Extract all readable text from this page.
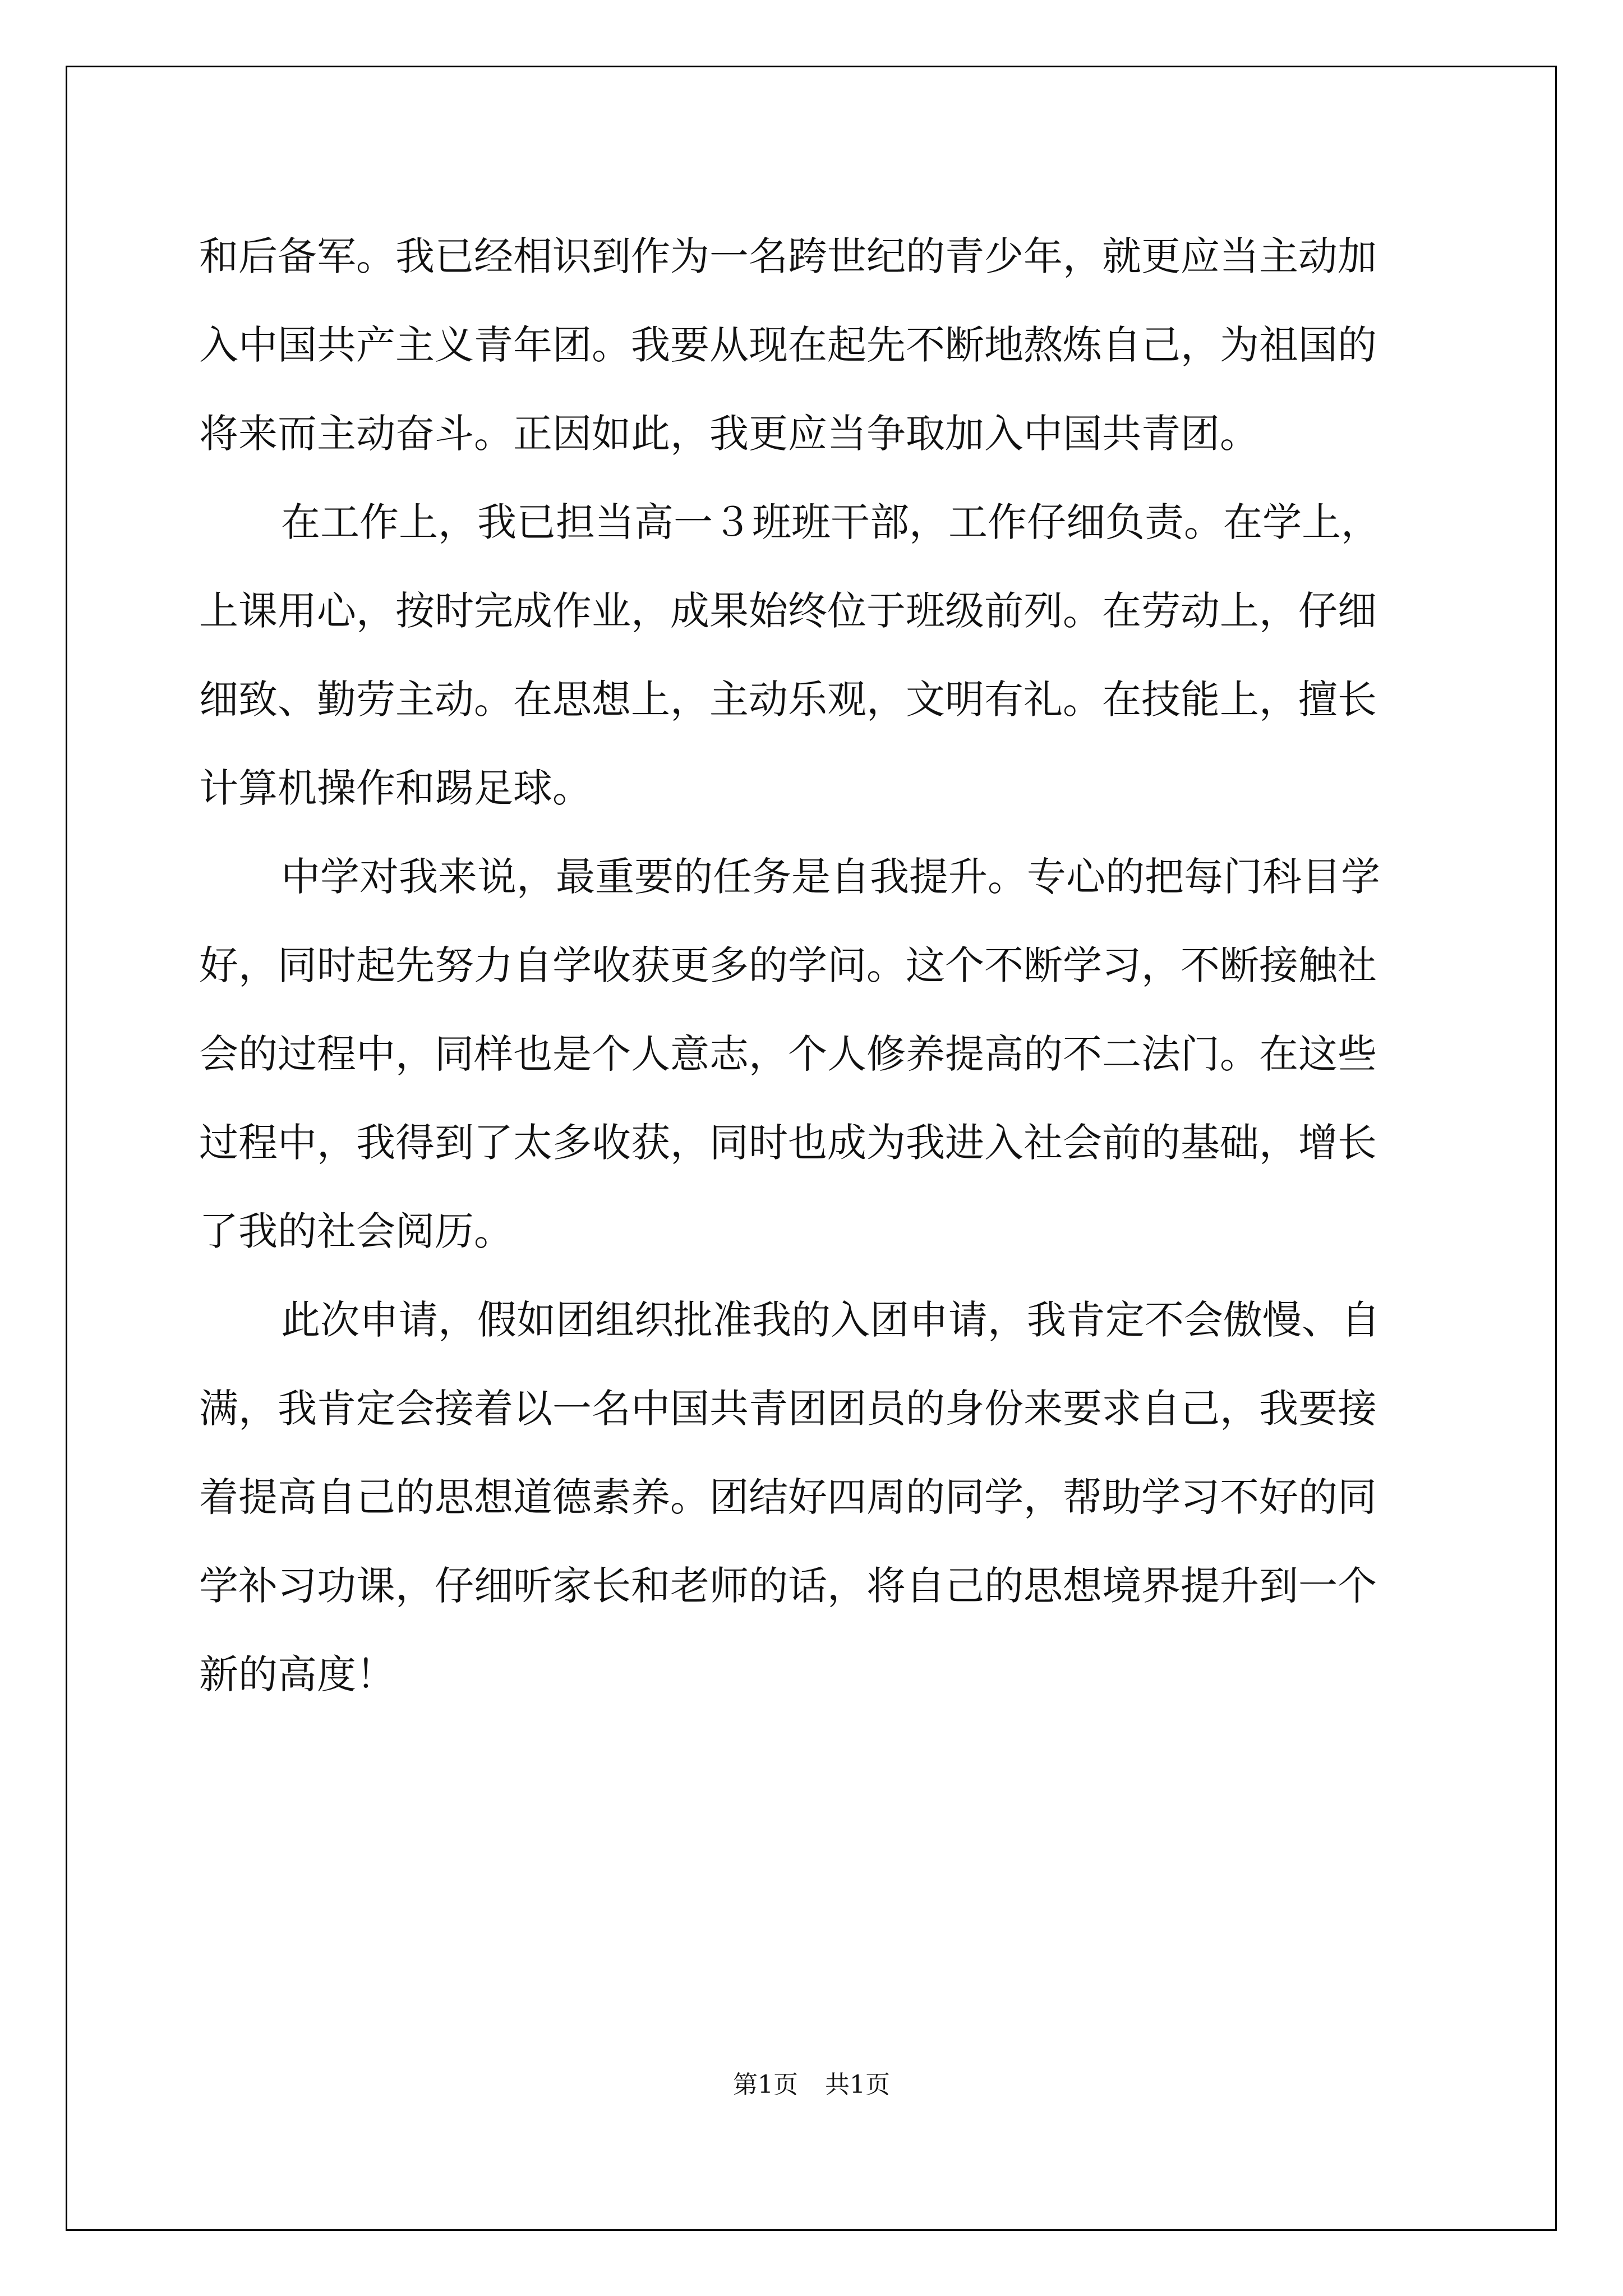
和后备军。我已经相识到作为一名跨世纪的青少年，就更应当主动加
入中国共产主义青年团。我要从现在起先不断地熬炼自己，为祖国的
将来而主动奋斗。正因如此，我更应当争取加入中国共青团。

在工作上，我已担当高一３班班干部，工作仔细负责。在学上，
上课用心，按时完成作业，成果始终位于班级前列。在劳动上，仔细
细致、勤劳主动。在思想上，主动乐观，文明有礼。在技能上，擅长
计算机操作和踢足球。

中学对我来说，最重要的任务是自我提升。专心的把每门科目学
好，同时起先努力自学收获更多的学问。这个不断学习，不断接触社
会的过程中，同样也是个人意志，个人修养提高的不二法门。在这些
过程中，我得到了太多收获，同时也成为我进入社会前的基础，增长
了我的社会阅历。

此次申请，假如团组织批准我的入团申请，我肯定不会傲慢、自
满，我肯定会接着以一名中国共青团团员的身份来要求自己，我要接
着提高自己的思想道德素养。团结好四周的同学，帮助学习不好的同
学补习功课，仔细听家长和老师的话，将自己的思想境界提升到一个
新的高度！

第1页 共1页
